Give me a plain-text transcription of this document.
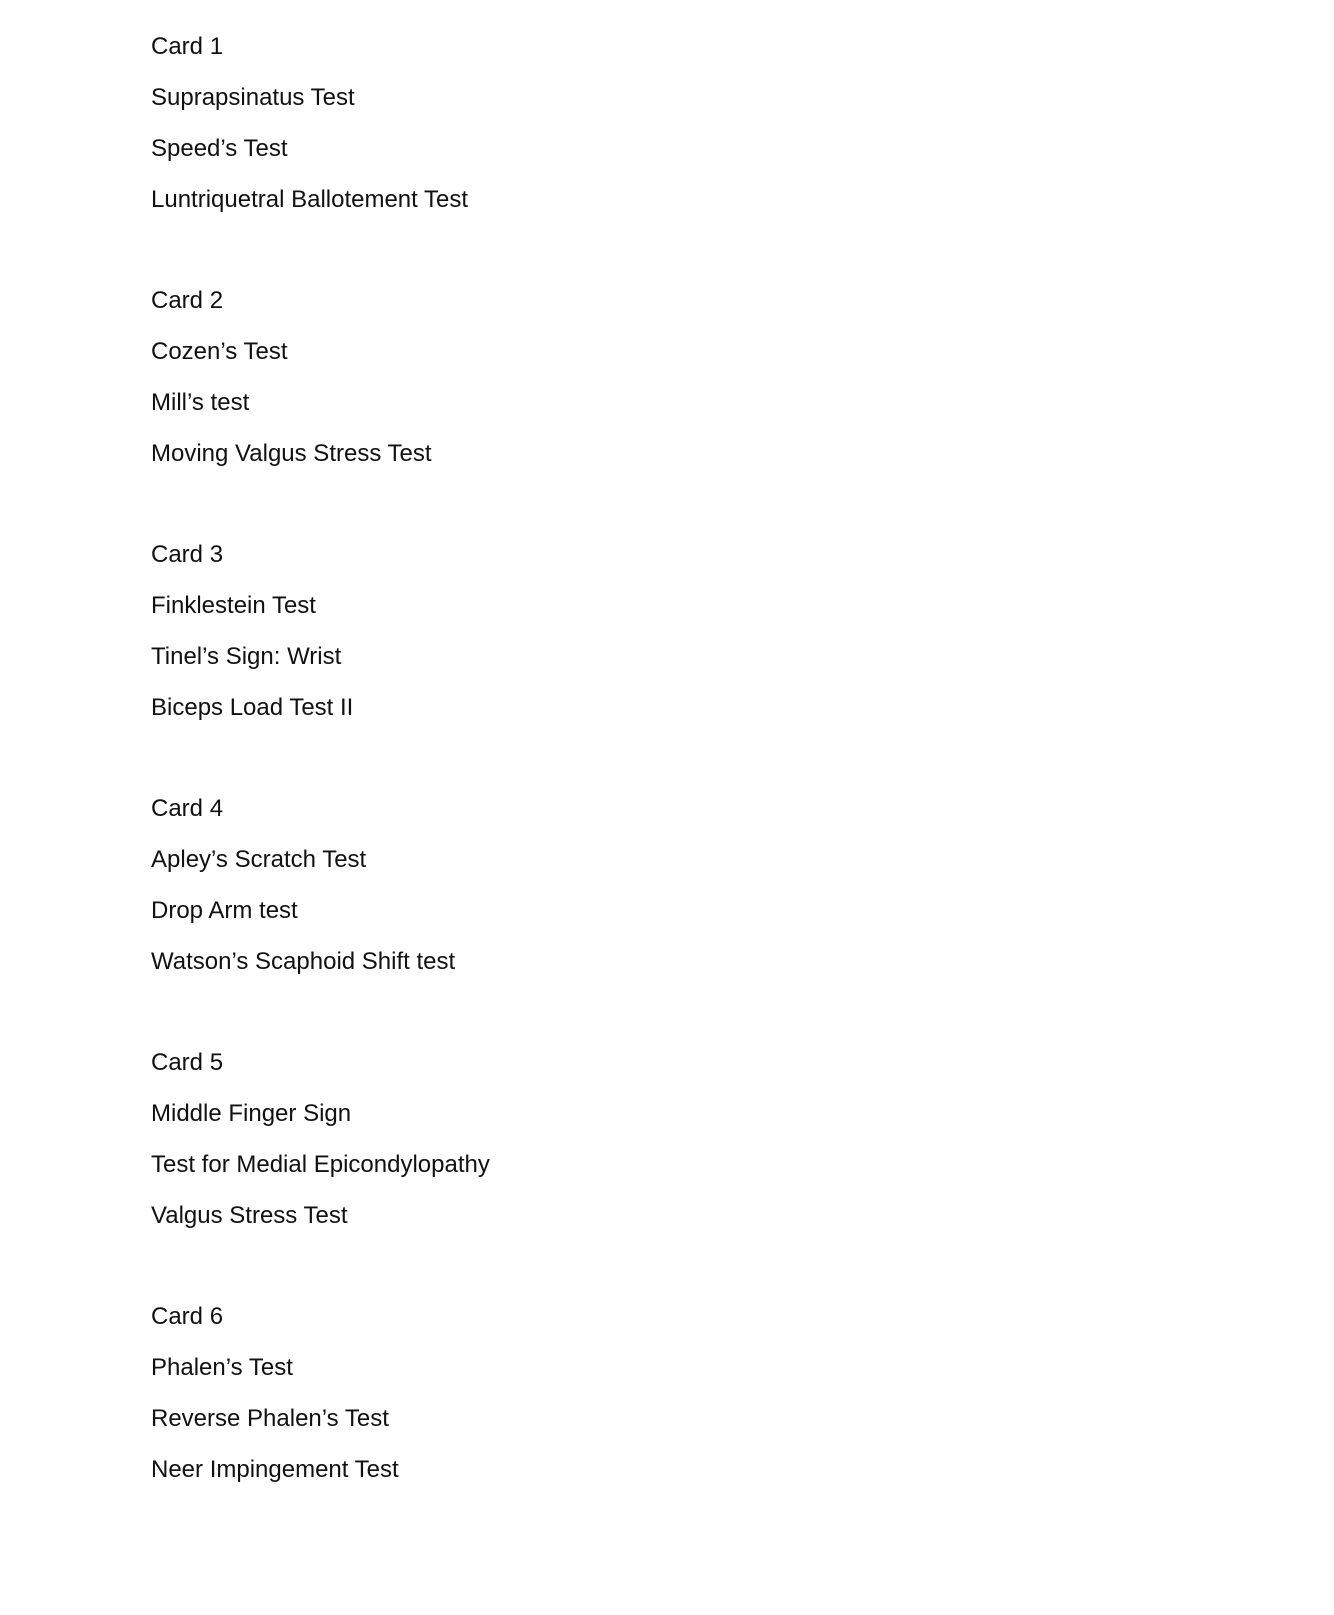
Card 1
Suprapsinatus Test
Speed’s Test
Luntriquetral Ballotement Test
Card 2
Cozen’s Test
Mill’s test
Moving Valgus Stress Test
Card 3
Finklestein Test
Tinel’s Sign: Wrist
Biceps Load Test II
Card 4
Apley’s Scratch Test
Drop Arm test
Watson’s Scaphoid Shift test
Card 5
Middle Finger Sign
Test for Medial Epicondylopathy
Valgus Stress Test
Card 6
Phalen’s Test
Reverse Phalen’s Test
Neer Impingement Test
